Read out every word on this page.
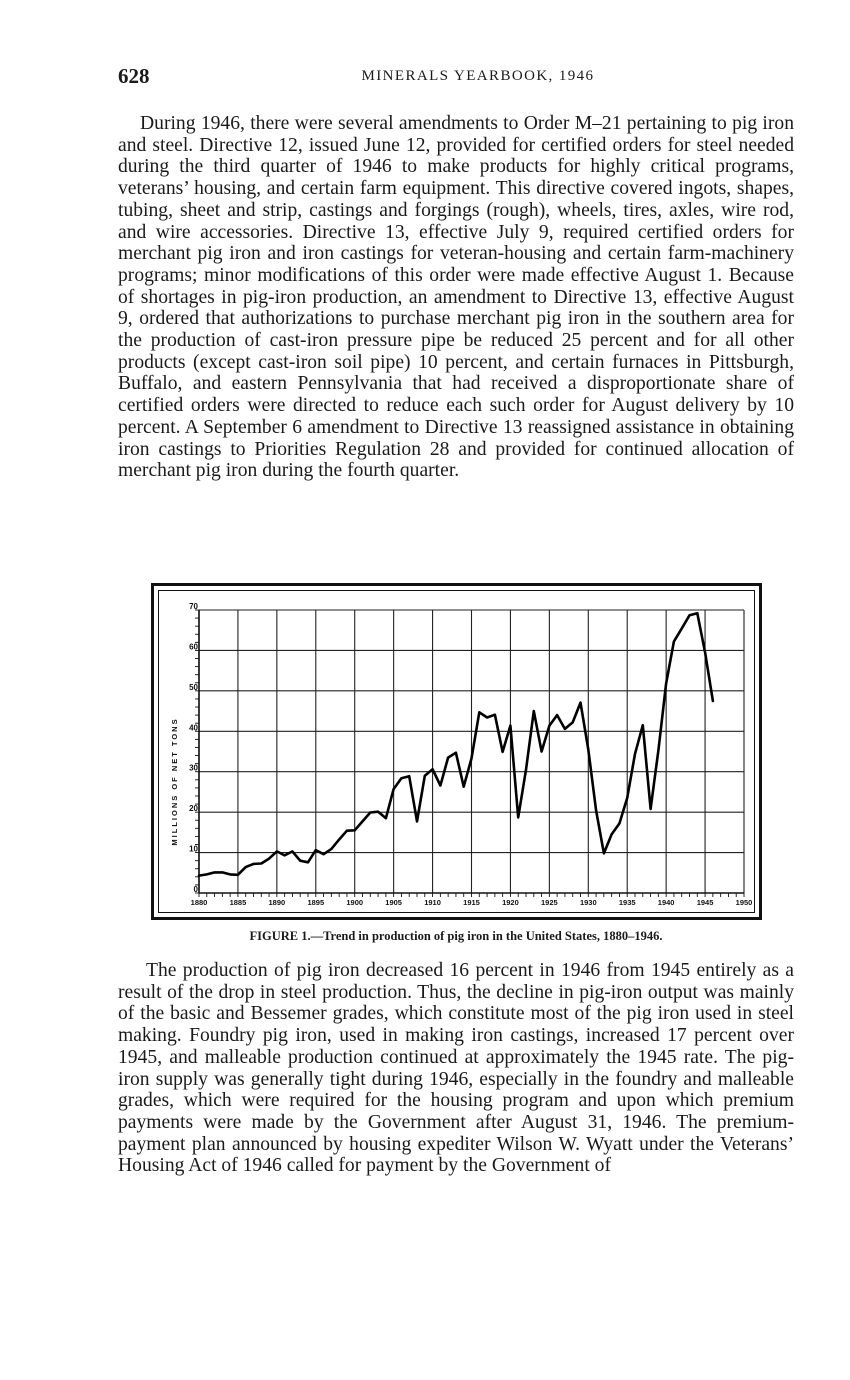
628	MINERALS YEARBOOK, 1946

During 1946, there were several amendments to Order M–21 pertaining to pig iron and steel. Directive 12, issued June 12, provided for certified orders for steel needed during the third quarter of 1946 to make products for highly critical programs, veterans’ housing, and certain farm equipment. This directive covered ingots, shapes, tubing, sheet and strip, castings and forgings (rough), wheels, tires, axles, wire rod, and wire accessories. Directive 13, effective July 9, required certified orders for merchant pig iron and iron castings for veteran-housing and certain farm-machinery programs; minor modifications of this order were made effective August 1. Because of shortages in pig-iron production, an amendment to Directive 13, effective August 9, ordered that authorizations to purchase merchant pig iron in the southern area for the production of cast-iron pressure pipe be reduced 25 percent and for all other products (except cast-iron soil pipe) 10 percent, and certain furnaces in Pittsburgh, Buffalo, and eastern Pennsylvania that had received a disproportionate share of certified orders were directed to reduce each such order for August delivery by 10 percent. A September 6 amendment to Directive 13 reassigned assistance in obtaining iron castings to Priorities Regulation 28 and provided for continued allocation of merchant pig iron during the fourth quarter.

0
10
20
30
40
50
60
70
1880	1885	1890	1895	1900	1905	1910	1915	1920	1925	1930	1935	1940	1945	1950
MILLIONS OF NET TONS
FIGURE 1.—Trend in production of pig iron in the United States, 1880–1946.

The production of pig iron decreased 16 percent in 1946 from 1945 entirely as a result of the drop in steel production. Thus, the decline in pig-iron output was mainly of the basic and Bessemer grades, which constitute most of the pig iron used in steel making. Foundry pig iron, used in making iron castings, increased 17 percent over 1945, and malleable production continued at approximately the 1945 rate. The pig-iron supply was generally tight during 1946, especially in the foundry and malleable grades, which were required for the housing program and upon which premium payments were made by the Government after August 31, 1946. The premium-payment plan announced by housing expediter Wilson W. Wyatt under the Veterans’ Housing Act of 1946 called for payment by the Government of
